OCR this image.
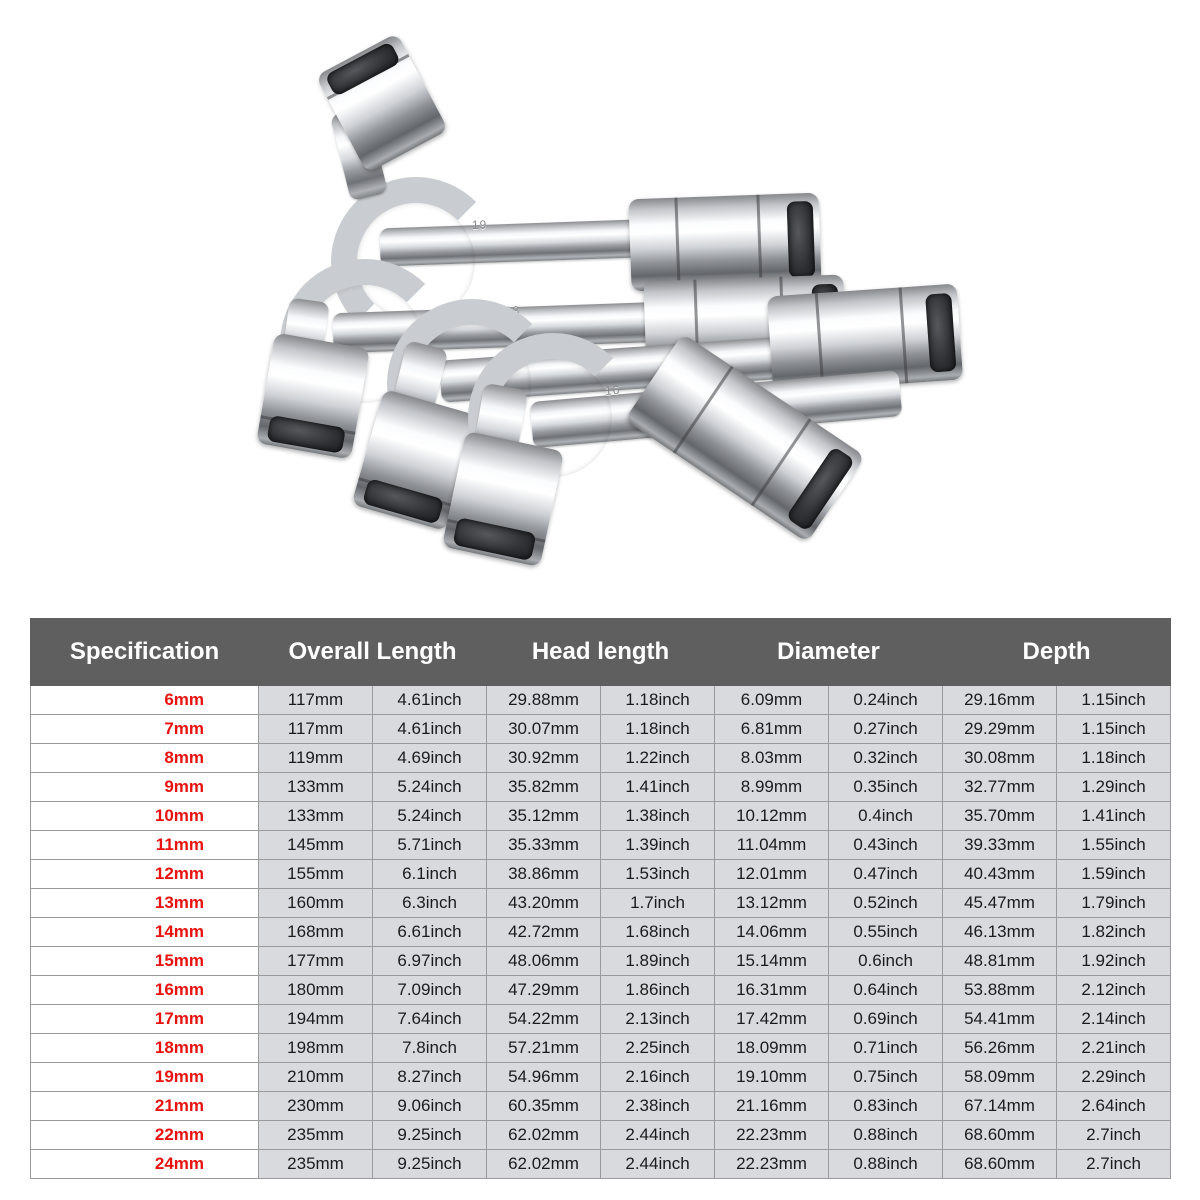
19
18
17
16
Specification	Overall Length		Head length		Diameter		Depth	
6mm	117mm	4.61inch	29.88mm	1.18inch	6.09mm	0.24inch	29.16mm	1.15inch
7mm	117mm	4.61inch	30.07mm	1.18inch	6.81mm	0.27inch	29.29mm	1.15inch
8mm	119mm	4.69inch	30.92mm	1.22inch	8.03mm	0.32inch	30.08mm	1.18inch
9mm	133mm	5.24inch	35.82mm	1.41inch	8.99mm	0.35inch	32.77mm	1.29inch
10mm	133mm	5.24inch	35.12mm	1.38inch	10.12mm	0.4inch	35.70mm	1.41inch
11mm	145mm	5.71inch	35.33mm	1.39inch	11.04mm	0.43inch	39.33mm	1.55inch
12mm	155mm	6.1inch	38.86mm	1.53inch	12.01mm	0.47inch	40.43mm	1.59inch
13mm	160mm	6.3inch	43.20mm	1.7inch	13.12mm	0.52inch	45.47mm	1.79inch
14mm	168mm	6.61inch	42.72mm	1.68inch	14.06mm	0.55inch	46.13mm	1.82inch
15mm	177mm	6.97inch	48.06mm	1.89inch	15.14mm	0.6inch	48.81mm	1.92inch
16mm	180mm	7.09inch	47.29mm	1.86inch	16.31mm	0.64inch	53.88mm	2.12inch
17mm	194mm	7.64inch	54.22mm	2.13inch	17.42mm	0.69inch	54.41mm	2.14inch
18mm	198mm	7.8inch	57.21mm	2.25inch	18.09mm	0.71inch	56.26mm	2.21inch
19mm	210mm	8.27inch	54.96mm	2.16inch	19.10mm	0.75inch	58.09mm	2.29inch
21mm	230mm	9.06inch	60.35mm	2.38inch	21.16mm	0.83inch	67.14mm	2.64inch
22mm	235mm	9.25inch	62.02mm	2.44inch	22.23mm	0.88inch	68.60mm	2.7inch
24mm	235mm	9.25inch	62.02mm	2.44inch	22.23mm	0.88inch	68.60mm	2.7inch
